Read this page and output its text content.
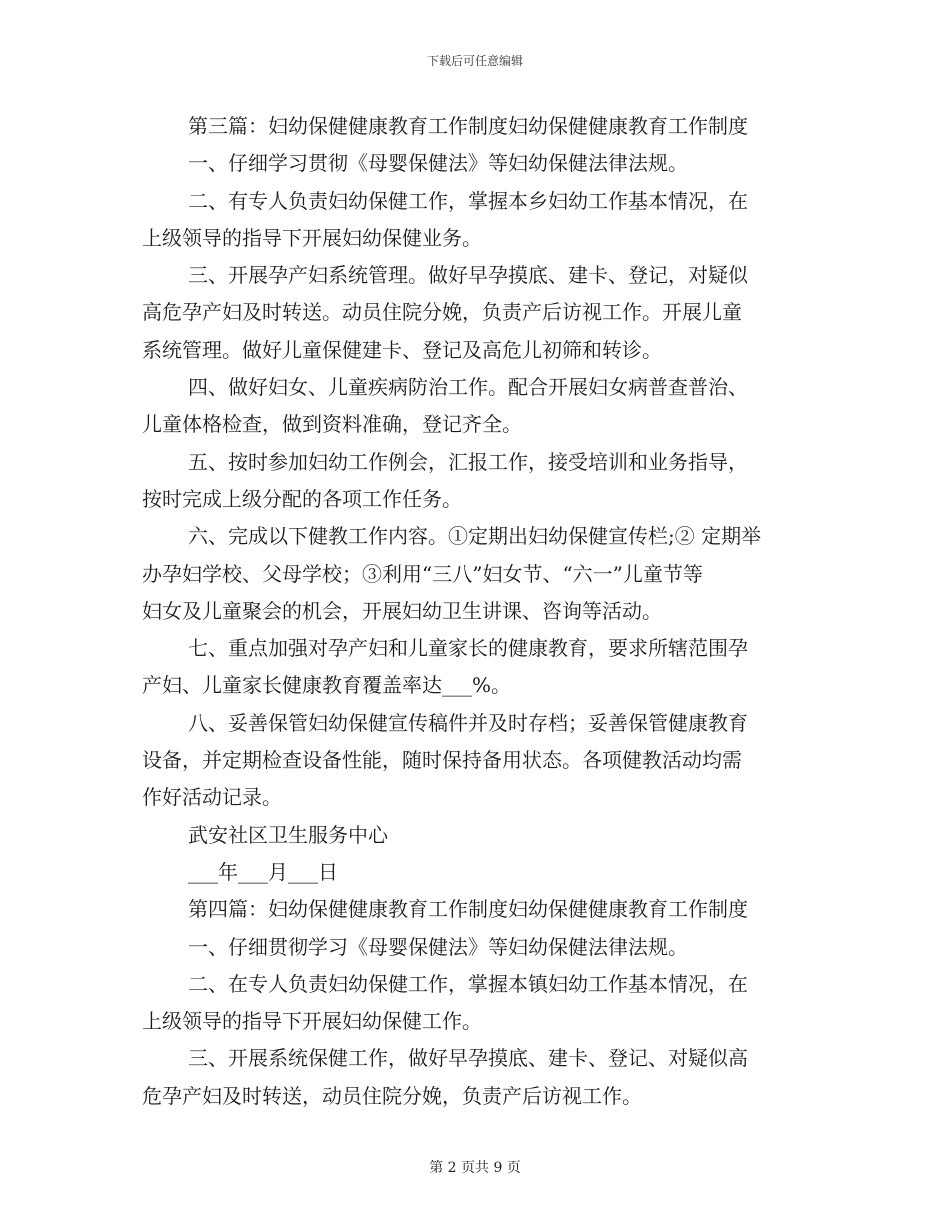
下载后可任意编辑
第三篇：妇幼保健健康教育工作制度妇幼保健健康教育工作制度
一、仔细学习贯彻《母婴保健法》等妇幼保健法律法规。
二、有专人负责妇幼保健工作，掌握本乡妇幼工作基本情况，在
上级领导的指导下开展妇幼保健业务。
三、开展孕产妇系统管理。做好早孕摸底、建卡、登记，对疑似
高危孕产妇及时转送。动员住院分娩，负责产后访视工作。开展儿童
系统管理。做好儿童保健建卡、登记及高危儿初筛和转诊。
四、做好妇女、儿童疾病防治工作。配合开展妇女病普查普治、
儿童体格检查，做到资料准确，登记齐全。
五、按时参加妇幼工作例会，汇报工作，接受培训和业务指导，
按时完成上级分配的各项工作任务。
六、完成以下健教工作内容。①定期出妇幼保健宣传栏;② 定期举
办孕妇学校、父母学校；③利用“三八”妇女节、“六一”儿童节等
妇女及儿童聚会的机会，开展妇幼卫生讲课、咨询等活动。
七、重点加强对孕产妇和儿童家长的健康教育，要求所辖范围孕
产妇、儿童家长健康教育覆盖率达___%。
八、妥善保管妇幼保健宣传稿件并及时存档；妥善保管健康教育
设备，并定期检查设备性能，随时保持备用状态。各项健教活动均需
作好活动记录。
武安社区卫生服务中心
___年___月___日
第四篇：妇幼保健健康教育工作制度妇幼保健健康教育工作制度
一、仔细贯彻学习《母婴保健法》等妇幼保健法律法规。
二、在专人负责妇幼保健工作，掌握本镇妇幼工作基本情况，在
上级领导的指导下开展妇幼保健工作。
三、开展系统保健工作，做好早孕摸底、建卡、登记、对疑似高
危孕产妇及时转送，动员住院分娩，负责产后访视工作。
第 2 页共 9 页
